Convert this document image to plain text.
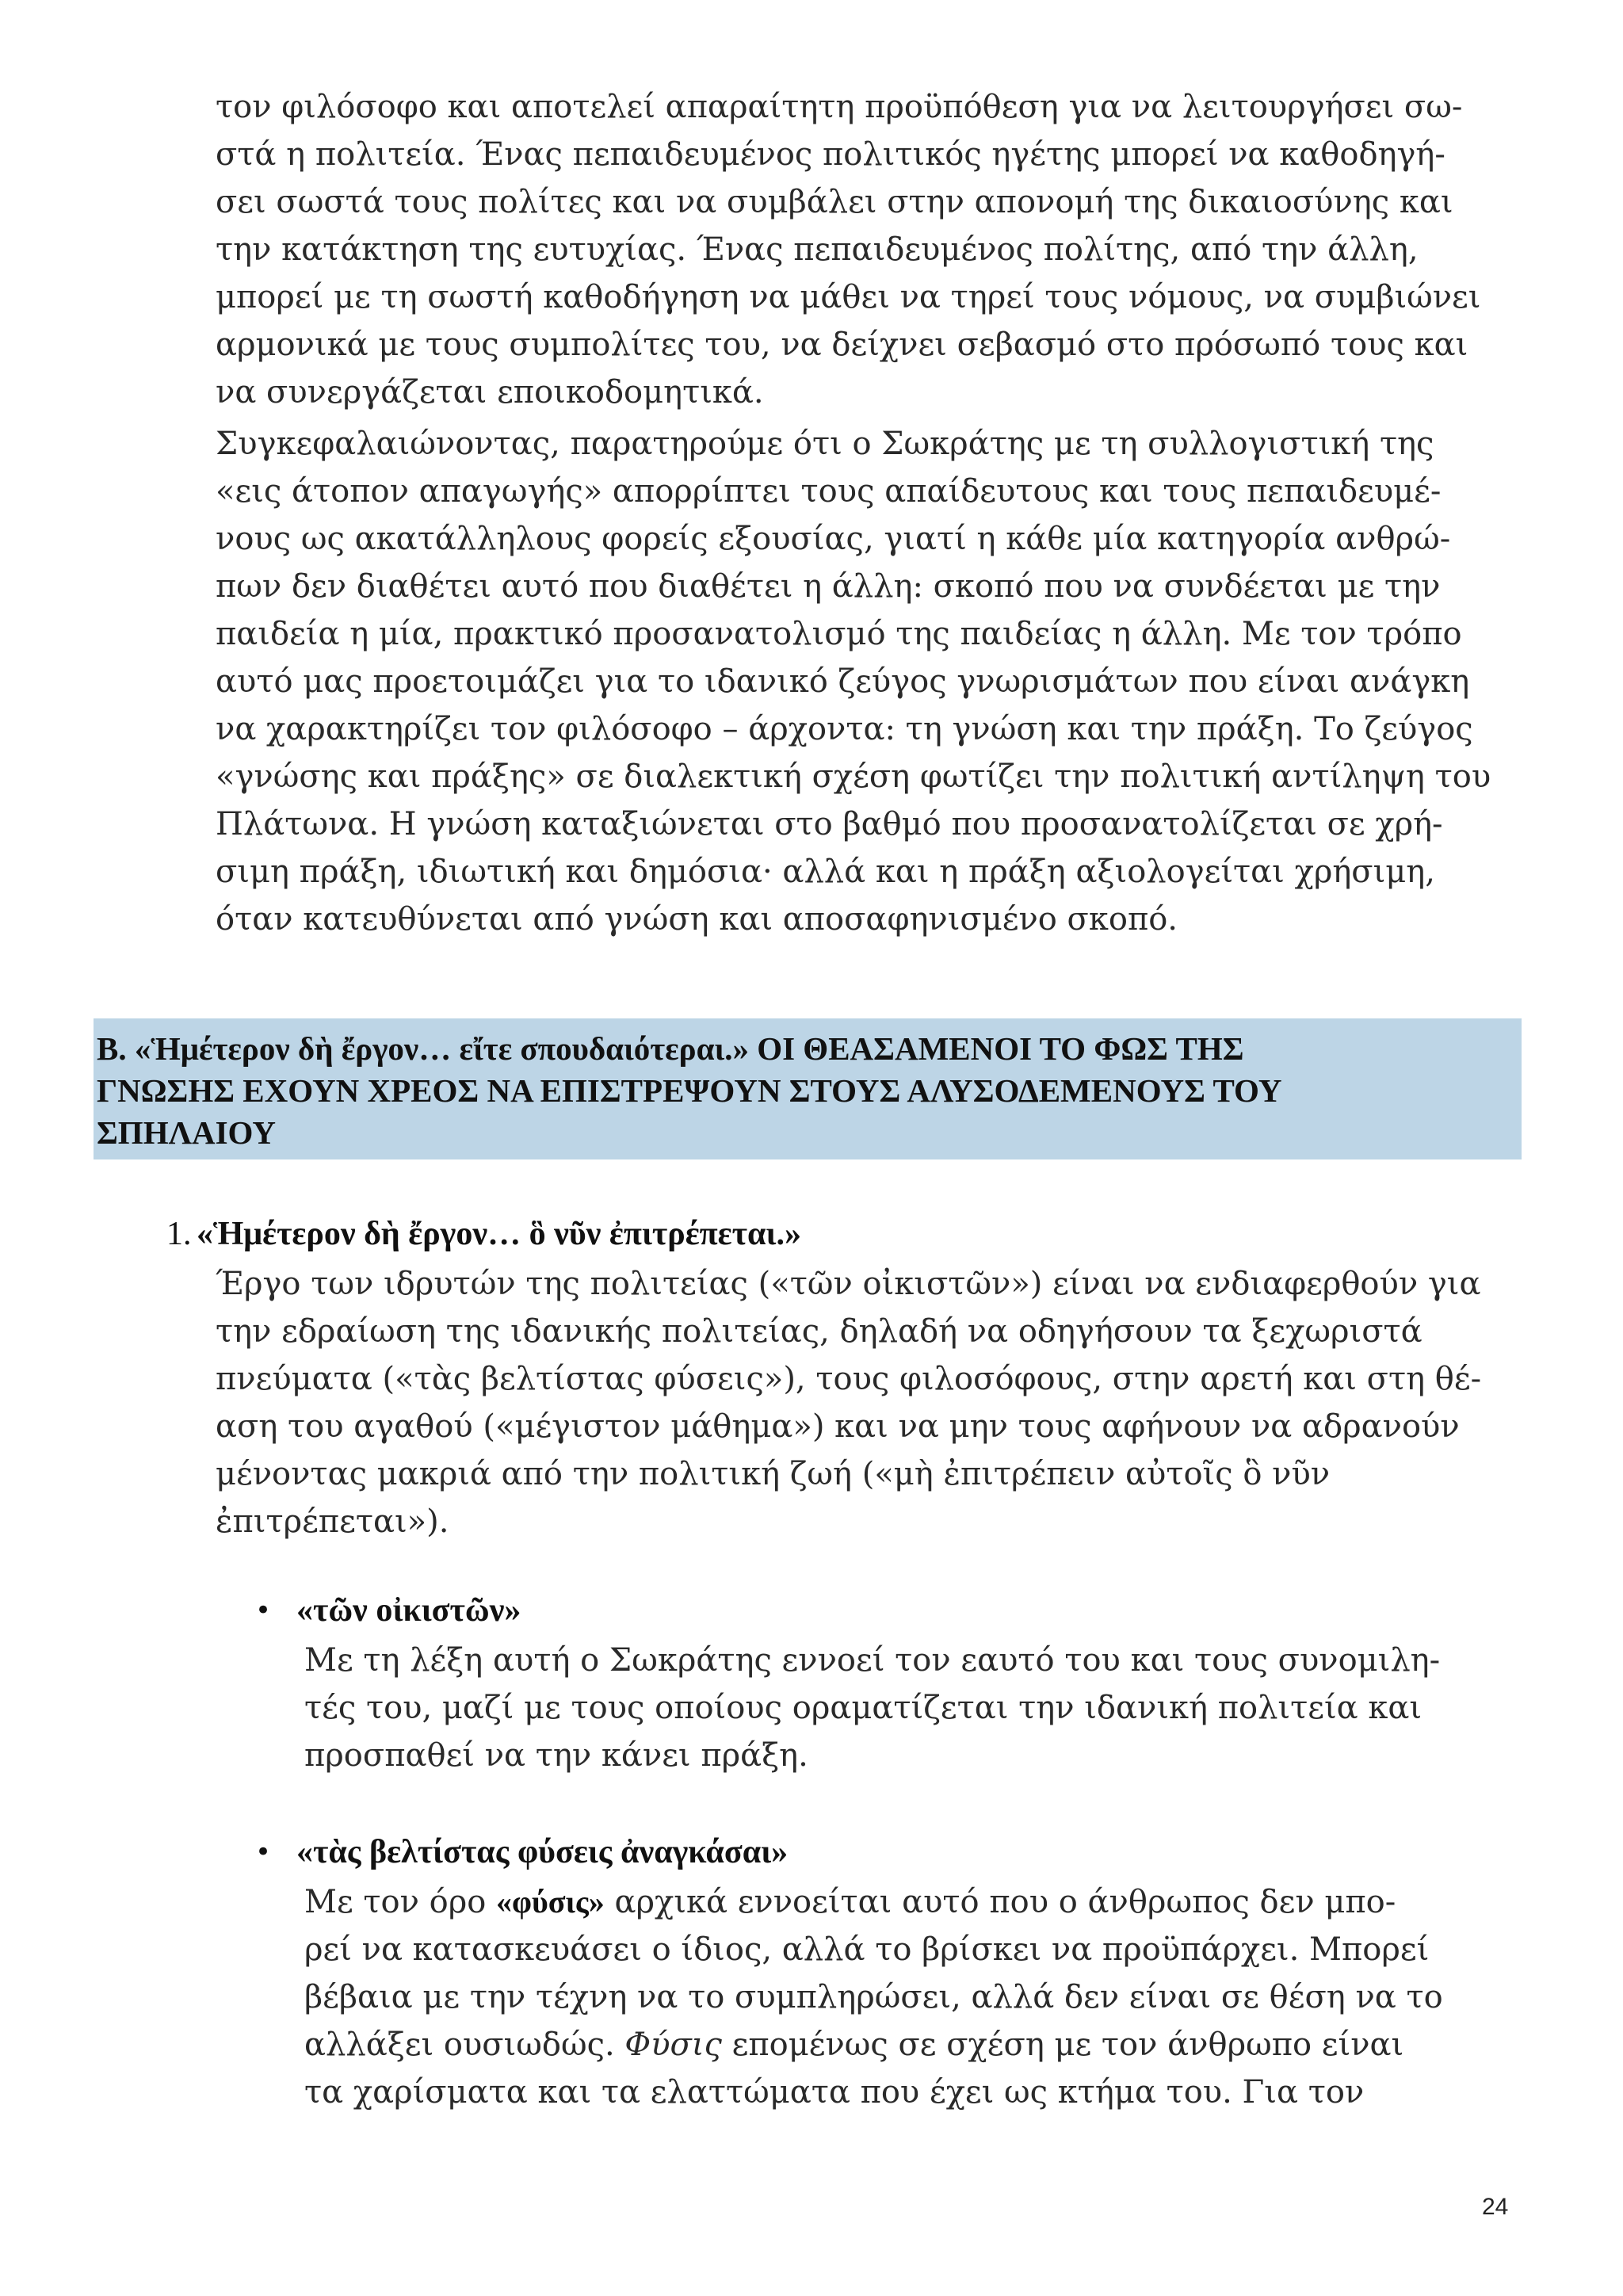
τον φιλόσοφο και αποτελεί απαραίτητη προϋπόθεση για να λειτουργήσει σω-
στά η πολιτεία. Ένας πεπαιδευμένος πολιτικός ηγέτης μπορεί να καθοδηγή-
σει σωστά τους πολίτες και να συμβάλει στην απονομή της δικαιοσύνης και
την κατάκτηση της ευτυχίας. Ένας πεπαιδευμένος πολίτης, από την άλλη,
μπορεί με τη σωστή καθοδήγηση να μάθει να τηρεί τους νόμους, να συμβιώνει
αρμονικά με τους συμπολίτες του, να δείχνει σεβασμό στο πρόσωπό τους και
να συνεργάζεται εποικοδομητικά.
Συγκεφαλαιώνοντας, παρατηρούμε ότι ο Σωκράτης με τη συλλογιστική της
«εις άτοπον απαγωγής» απορρίπτει τους απαίδευτους και τους πεπαιδευμέ-
νους ως ακατάλληλους φορείς εξουσίας, γιατί η κάθε μία κατηγορία ανθρώ-
πων δεν διαθέτει αυτό που διαθέτει η άλλη: σκοπό που να συνδέεται με την
παιδεία η μία, πρακτικό προσανατολισμό της παιδείας η άλλη. Με τον τρόπο
αυτό μας προετοιμάζει για το ιδανικό ζεύγος γνωρισμάτων που είναι ανάγκη
να χαρακτηρίζει τον φιλόσοφο – άρχοντα: τη γνώση και την πράξη. Το ζεύγος
«γνώσης και πράξης» σε διαλεκτική σχέση φωτίζει την πολιτική αντίληψη του
Πλάτωνα. Η γνώση καταξιώνεται στο βαθμό που προσανατολίζεται σε χρή-
σιμη πράξη, ιδιωτική και δημόσια· αλλά και η πράξη αξιολογείται χρήσιμη,
όταν κατευθύνεται από γνώση και αποσαφηνισμένο σκοπό.
Β. «Ἡμέτερον δὴ ἔργον… εἴτε σπουδαιότεραι.» ΟΙ ΘΕΑΣΑΜΕΝΟΙ ΤΟ ΦΩΣ ΤΗΣ
ΓΝΩΣΗΣ ΕΧΟΥΝ ΧΡΕΟΣ ΝΑ ΕΠΙΣΤΡΕΨΟΥΝ ΣΤΟΥΣ ΑΛΥΣΟΔΕΜΕΝΟΥΣ ΤΟΥ
ΣΠΗΛΑΙΟΥ
1. «Ἡμέτερον δὴ ἔργον… ὃ νῦν ἐπιτρέπεται.»
Έργο των ιδρυτών της πολιτείας («τῶν οἰκιστῶν») είναι να ενδιαφερθούν για
την εδραίωση της ιδανικής πολιτείας, δηλαδή να οδηγήσουν τα ξεχωριστά
πνεύματα («τὰς βελτίστας φύσεις»), τους φιλοσόφους, στην αρετή και στη θέ-
αση του αγαθού («μέγιστον μάθημα») και να μην τους αφήνουν να αδρανούν
μένοντας μακριά από την πολιτική ζωή («μὴ ἐπιτρέπειν αὐτοῖς ὃ νῦν
ἐπιτρέπεται»).
• «τῶν οἰκιστῶν»
Με τη λέξη αυτή ο Σωκράτης εννοεί τον εαυτό του και τους συνομιλη-
τές του, μαζί με τους οποίους οραματίζεται την ιδανική πολιτεία και
προσπαθεί να την κάνει πράξη.
• «τὰς βελτίστας φύσεις ἀναγκάσαι»
Με τον όρο «φύσις» αρχικά εννοείται αυτό που ο άνθρωπος δεν μπο-
ρεί να κατασκευάσει ο ίδιος, αλλά το βρίσκει να προϋπάρχει. Μπορεί
βέβαια με την τέχνη να το συμπληρώσει, αλλά δεν είναι σε θέση να το
αλλάξει ουσιωδώς. Φύσις επομένως σε σχέση με τον άνθρωπο είναι
τα χαρίσματα και τα ελαττώματα που έχει ως κτήμα του. Για τον
24
